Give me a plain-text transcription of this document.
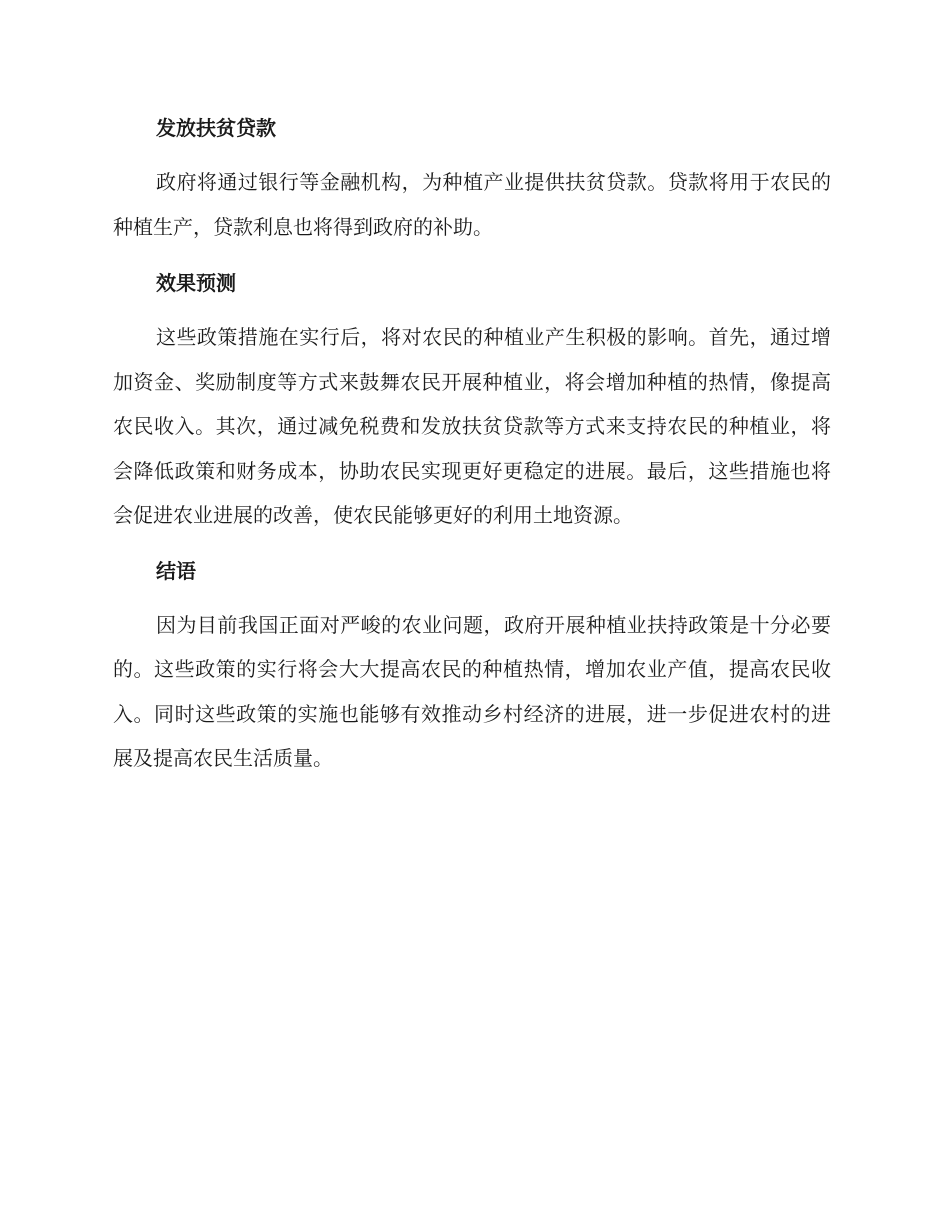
发放扶贫贷款

政府将通过银行等金融机构，为种植产业提供扶贫贷款。贷款将用于农民的种植生产，贷款利息也将得到政府的补助。

效果预测

这些政策措施在实行后，将对农民的种植业产生积极的影响。首先，通过增加资金、奖励制度等方式来鼓舞农民开展种植业，将会增加种植的热情，像提高农民收入。其次，通过减免税费和发放扶贫贷款等方式来支持农民的种植业，将会降低政策和财务成本，协助农民实现更好更稳定的进展。最后，这些措施也将会促进农业进展的改善，使农民能够更好的利用土地资源。

结语

因为目前我国正面对严峻的农业问题，政府开展种植业扶持政策是十分必要的。这些政策的实行将会大大提高农民的种植热情，增加农业产值，提高农民收入。同时这些政策的实施也能够有效推动乡村经济的进展，进一步促进农村的进展及提高农民生活质量。
